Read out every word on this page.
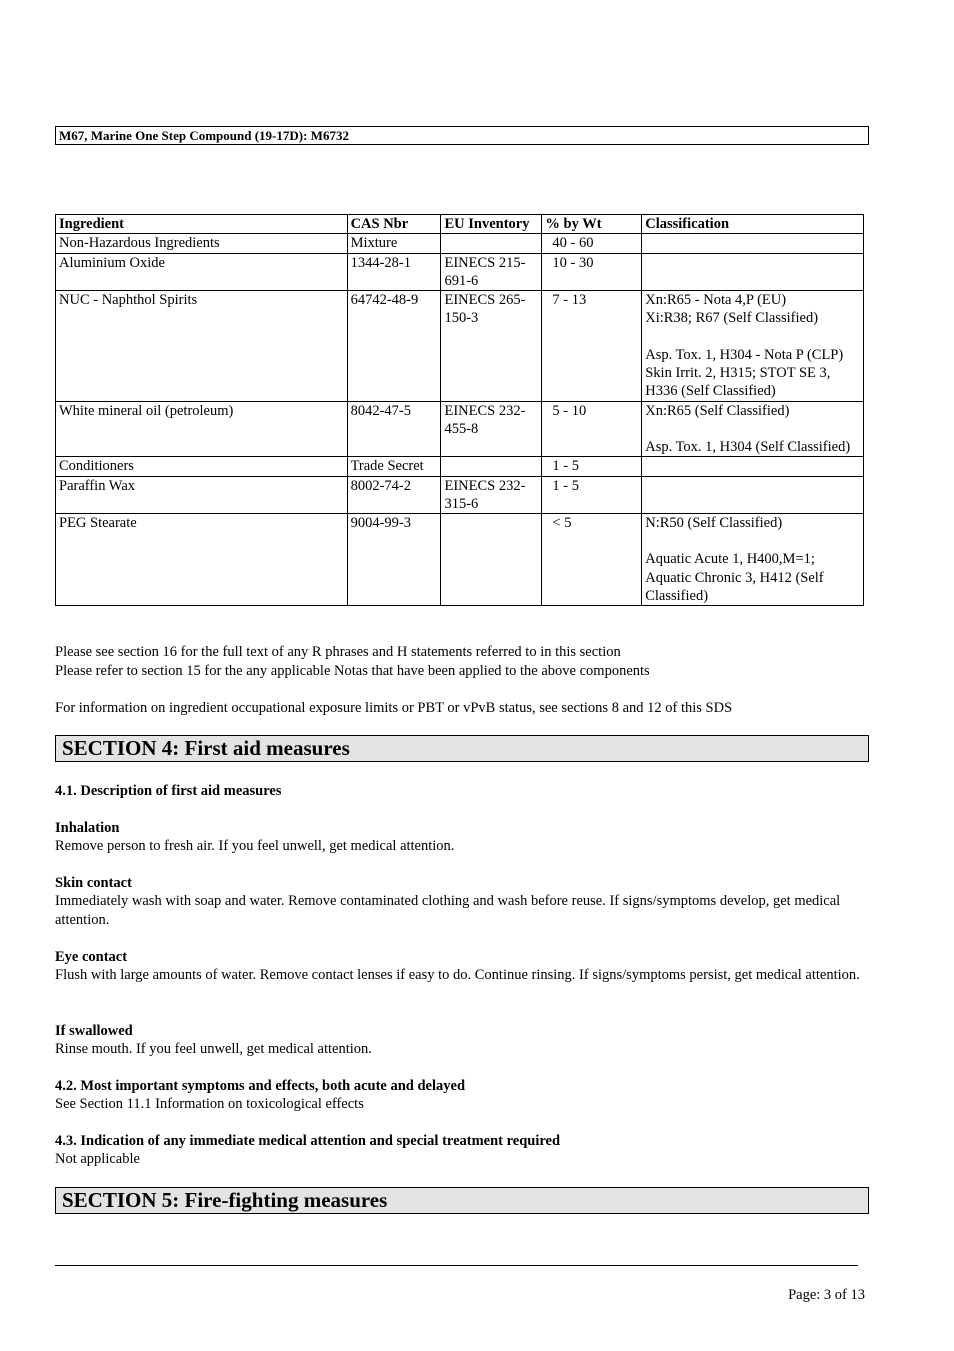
M67, Marine One Step Compound (19-17D): M6732
Ingredient	CAS Nbr	EU Inventory	% by Wt	Classification
Non-Hazardous Ingredients	Mixture		40 - 60	
Aluminium Oxide	1344-28-1	EINECS 215-691-6	10 - 30	
NUC - Naphthol Spirits	64742-48-9	EINECS 265-150-3	7 - 13	Xn:R65 - Nota 4,P (EU)
Xi:R38; R67 (Self Classified)
Asp. Tox. 1, H304 - Nota P (CLP)
Skin Irrit. 2, H315; STOT SE 3, H336 (Self Classified)

White mineral oil (petroleum)	8042-47-5	EINECS 232-455-8	5 - 10	Xn:R65 (Self Classified)
Asp. Tox. 1, H304 (Self Classified)

Conditioners	Trade Secret		1 - 5	
Paraffin Wax	8002-74-2	EINECS 232-315-6	1 - 5	
PEG Stearate	9004-99-3		< 5	N:R50 (Self Classified)
Aquatic Acute 1, H400,M=1; Aquatic Chronic 3, H412 (Self Classified)
Please see section 16 for the full text of any R phrases and H statements referred to in this section
Please refer to section 15 for the any applicable Notas that have been applied to the above components
For information on ingredient occupational exposure limits or PBT or vPvB status, see sections 8 and 12 of this SDS
SECTION 4: First aid measures
4.1. Description of first aid measures
Inhalation
Remove person to fresh air. If you feel unwell, get medical attention.
Skin contact
Immediately wash with soap and water. Remove contaminated clothing and wash before reuse. If signs/symptoms develop, get medical attention.
Eye contact
Flush with large amounts of water. Remove contact lenses if easy to do. Continue rinsing. If signs/symptoms persist, get medical attention.
If swallowed
Rinse mouth. If you feel unwell, get medical attention.
4.2. Most important symptoms and effects, both acute and delayed
See Section 11.1 Information on toxicological effects
4.3. Indication of any immediate medical attention and special treatment required
Not applicable
SECTION 5: Fire-fighting measures
Page: 3 of 13
